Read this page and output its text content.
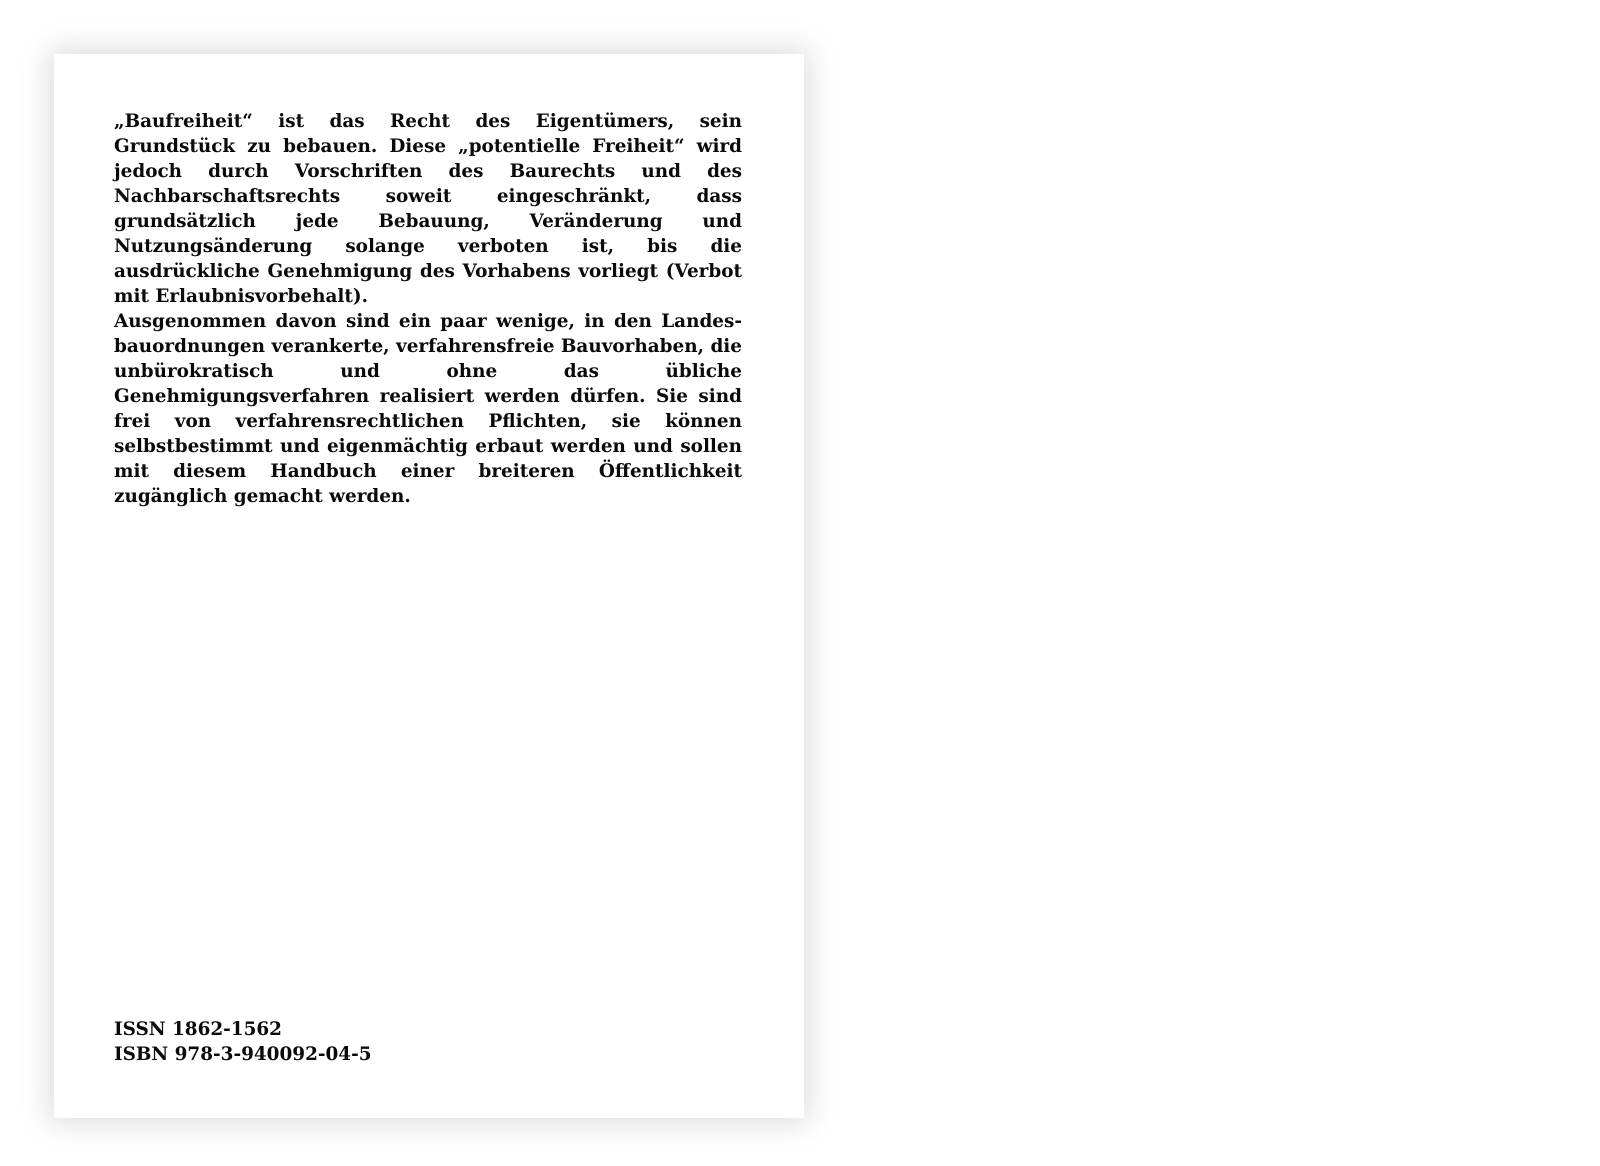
„Baufreiheit“ ist das Recht des Eigentümers, sein Grundstück zu bebauen. Diese „potentielle Freiheit“ wird jedoch durch Vorschriften des Baurechts und des Nachbarschaftsrechts soweit eingeschränkt, dass grundsätzlich jede Bebauung, Veränderung und Nutzungsänderung solange verboten ist, bis die ausdrückliche Genehmigung des Vorhabens vorliegt (Verbot mit Erlaubnisvorbehalt).

Ausgenommen davon sind ein paar wenige, in den Landesbauordnungen verankerte, verfahrensfreie Bauvorhaben, die unbürokratisch und ohne das übliche Genehmigungsverfahren realisiert werden dürfen. Sie sind frei von verfahrensrechtlichen Pflichten, sie können selbstbestimmt und eigenmächtig erbaut werden und sollen mit diesem Handbuch einer breiteren Öffentlichkeit zugänglich gemacht werden.

ISSN 1862-1562
ISBN 978-3-940092-04-5
